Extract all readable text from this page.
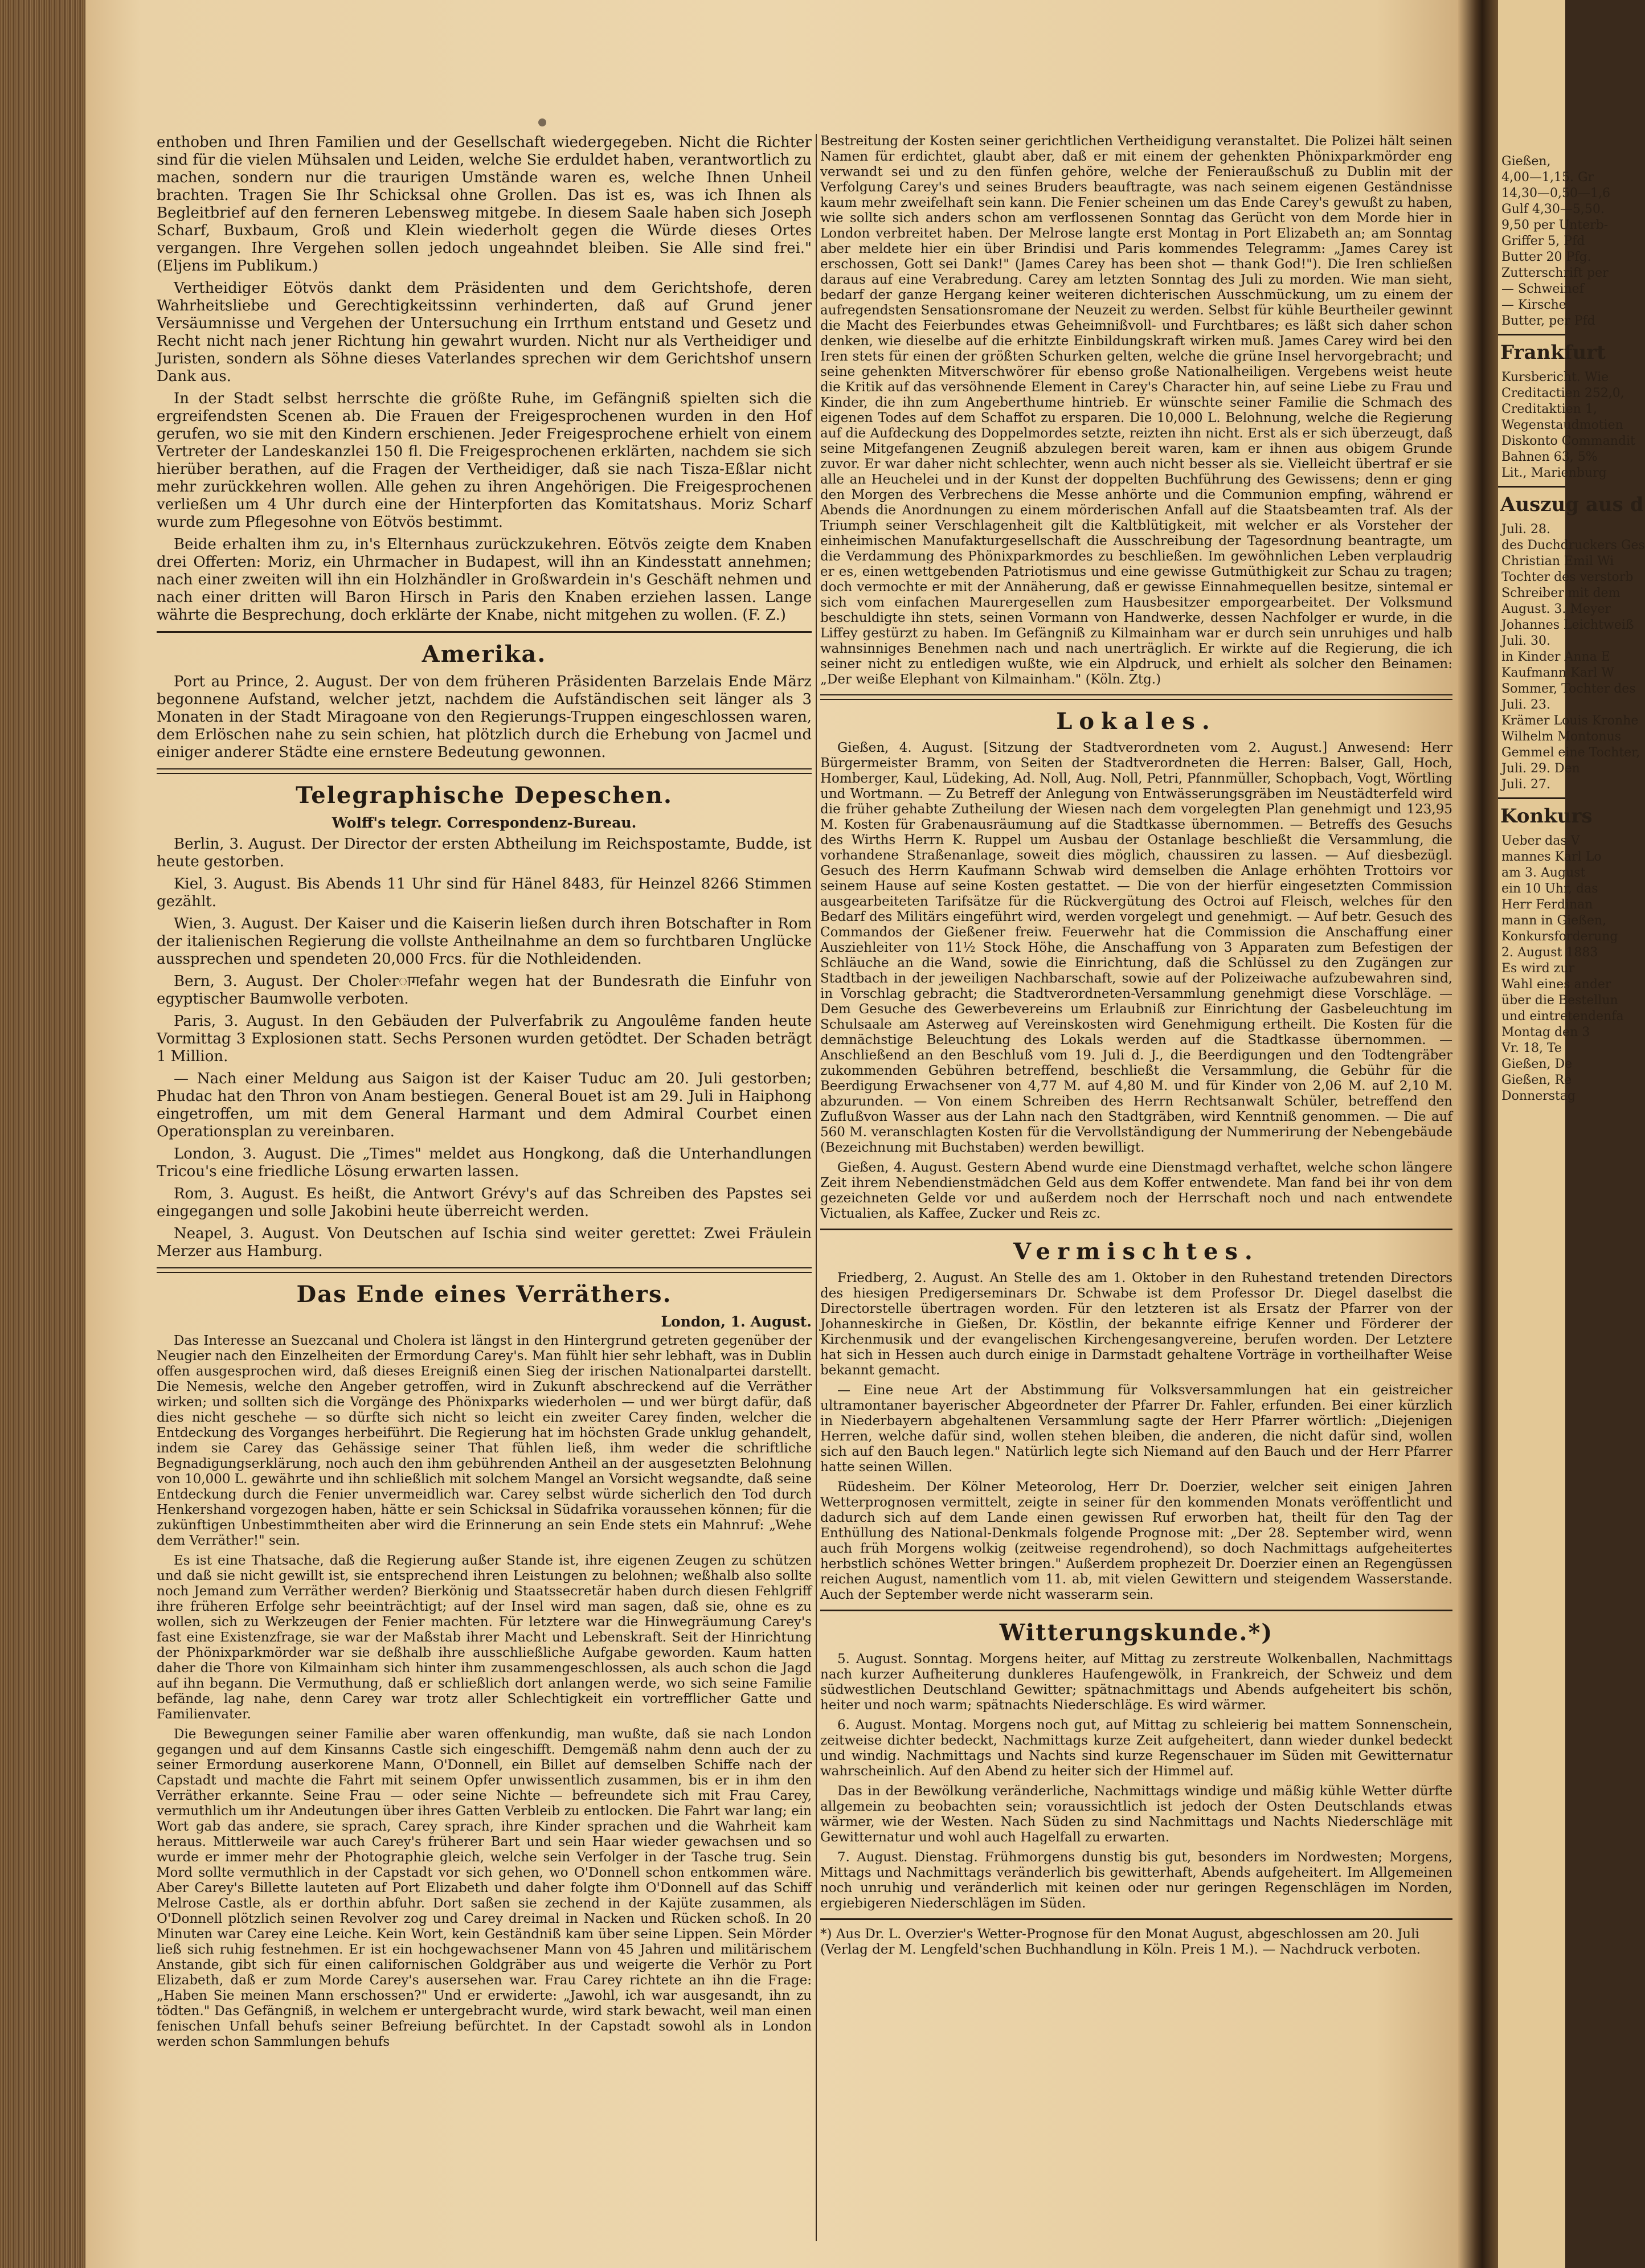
enthoben und Ihren Familien und der Gesellschaft wiedergegeben. Nicht die Richter sind für die vielen Mühsalen und Leiden, welche Sie erduldet haben, verantwortlich zu machen, sondern nur die traurigen Umstände waren es, welche Ihnen Unheil brachten. Tragen Sie Ihr Schicksal ohne Grollen. Das ist es, was ich Ihnen als Begleitbrief auf den ferneren Lebensweg mitgebe. In diesem Saale haben sich Joseph Scharf, Buxbaum, Groß und Klein wiederholt gegen die Würde dieses Ortes vergangen. Ihre Vergehen sollen jedoch ungeahndet bleiben. Sie Alle sind frei." (Eljens im Publikum.)

Vertheidiger Eötvös dankt dem Präsidenten und dem Gerichtshofe, deren Wahrheitsliebe und Gerechtigkeitssinn verhinderten, daß auf Grund jener Versäumnisse und Vergehen der Untersuchung ein Irrthum entstand und Gesetz und Recht nicht nach jener Richtung hin gewahrt wurden. Nicht nur als Vertheidiger und Juristen, sondern als Söhne dieses Vaterlandes sprechen wir dem Gerichtshof unsern Dank aus.

In der Stadt selbst herrschte die größte Ruhe, im Gefängniß spielten sich die ergreifendsten Scenen ab. Die Frauen der Freigesprochenen wurden in den Hof gerufen, wo sie mit den Kindern erschienen. Jeder Freigesprochene erhielt von einem Vertreter der Landeskanzlei 150 fl. Die Freigesprochenen erklärten, nachdem sie sich hierüber berathen, auf die Fragen der Vertheidiger, daß sie nach Tisza-Eßlar nicht mehr zurückkehren wollen. Alle gehen zu ihren Angehörigen. Die Freigesprochenen verließen um 4 Uhr durch eine der Hinterpforten das Komitatshaus. Moriz Scharf wurde zum Pflegesohne von Eötvös bestimmt.

Beide erhalten ihm zu, in's Elternhaus zurückzukehren. Eötvös zeigte dem Knaben drei Offerten: Moriz, ein Uhrmacher in Budapest, will ihn an Kindesstatt annehmen; nach einer zweiten will ihn ein Holzhändler in Großwardein in's Geschäft nehmen und nach einer dritten will Baron Hirsch in Paris den Knaben erziehen lassen. Lange währte die Besprechung, doch erklärte der Knabe, nicht mitgehen zu wollen. (F. Z.)

Amerika.

Port au Prince, 2. August. Der von dem früheren Präsidenten Barzelais Ende März begonnene Aufstand, welcher jetzt, nachdem die Aufständischen seit länger als 3 Monaten in der Stadt Miragoane von den Regierungs-Truppen eingeschlossen waren, dem Erlöschen nahe zu sein schien, hat plötzlich durch die Erhebung von Jacmel und einiger anderer Städte eine ernstere Bedeutung gewonnen.

Telegraphische Depeschen.
Wolff's telegr. Correspondenz-Bureau.

Berlin, 3. August. Der Director der ersten Abtheilung im Reichspostamte, Budde, ist heute gestorben.

Kiel, 3. August. Bis Abends 11 Uhr sind für Hänel 8483, für Heinzel 8266 Stimmen gezählt.

Wien, 3. August. Der Kaiser und die Kaiserin ließen durch ihren Botschafter in Rom der italienischen Regierung die vollste Antheilnahme an dem so furchtbaren Unglücke aussprechen und spendeten 20,000 Frcs. für die Nothleidenden.

Bern, 3. August. Der Cholerागefahr wegen hat der Bundesrath die Einfuhr von egyptischer Baumwolle verboten.

Paris, 3. August. In den Gebäuden der Pulverfabrik zu Angoulême fanden heute Vormittag 3 Explosionen statt. Sechs Personen wurden getödtet. Der Schaden beträgt 1 Million.

— Nach einer Meldung aus Saigon ist der Kaiser Tuduc am 20. Juli gestorben; Phudac hat den Thron von Anam bestiegen. General Bouet ist am 29. Juli in Haiphong eingetroffen, um mit dem General Harmant und dem Admiral Courbet einen Operationsplan zu vereinbaren.

London, 3. August. Die „Times" meldet aus Hongkong, daß die Unterhandlungen Tricou's eine friedliche Lösung erwarten lassen.

Rom, 3. August. Es heißt, die Antwort Grévy's auf das Schreiben des Papstes sei eingegangen und solle Jakobini heute überreicht werden.

Neapel, 3. August. Von Deutschen auf Ischia sind weiter gerettet: Zwei Fräulein Merzer aus Hamburg.

Das Ende eines Verräthers.
London, 1. August.

Das Interesse an Suezcanal und Cholera ist längst in den Hintergrund getreten gegenüber der Neugier nach den Einzelheiten der Ermordung Carey's. Man fühlt hier sehr lebhaft, was in Dublin offen ausgesprochen wird, daß dieses Ereigniß einen Sieg der irischen Nationalpartei darstellt. Die Nemesis, welche den Angeber getroffen, wird in Zukunft abschreckend auf die Verräther wirken; und sollten sich die Vorgänge des Phönixparks wiederholen — und wer bürgt dafür, daß dies nicht geschehe — so dürfte sich nicht so leicht ein zweiter Carey finden, welcher die Entdeckung des Vorganges herbeiführt. Die Regierung hat im höchsten Grade unklug gehandelt, indem sie Carey das Gehässige seiner That fühlen ließ, ihm weder die schriftliche Begnadigungserklärung, noch auch den ihm gebührenden Antheil an der ausgesetzten Belohnung von 10,000 L. gewährte und ihn schließlich mit solchem Mangel an Vorsicht wegsandte, daß seine Entdeckung durch die Fenier unvermeidlich war. Carey selbst würde sicherlich den Tod durch Henkershand vorgezogen haben, hätte er sein Schicksal in Südafrika voraussehen können; für die zukünftigen Unbestimmtheiten aber wird die Erinnerung an sein Ende stets ein Mahnruf: „Wehe dem Verräther!" sein.

Es ist eine Thatsache, daß die Regierung außer Stande ist, ihre eigenen Zeugen zu schützen und daß sie nicht gewillt ist, sie entsprechend ihren Leistungen zu belohnen; weßhalb also sollte noch Jemand zum Verräther werden? Bierkönig und Staatssecretär haben durch diesen Fehlgriff ihre früheren Erfolge sehr beeinträchtigt; auf der Insel wird man sagen, daß sie, ohne es zu wollen, sich zu Werkzeugen der Fenier machten. Für letztere war die Hinwegräumung Carey's fast eine Existenzfrage, sie war der Maßstab ihrer Macht und Lebenskraft. Seit der Hinrichtung der Phönixparkmörder war sie deßhalb ihre ausschließliche Aufgabe geworden. Kaum hatten daher die Thore von Kilmainham sich hinter ihm zusammengeschlossen, als auch schon die Jagd auf ihn begann. Die Vermuthung, daß er schließlich dort anlangen werde, wo sich seine Familie befände, lag nahe, denn Carey war trotz aller Schlechtigkeit ein vortrefflicher Gatte und Familienvater.

Die Bewegungen seiner Familie aber waren offenkundig, man wußte, daß sie nach London gegangen und auf dem Kinsanns Castle sich eingeschifft. Demgemäß nahm denn auch der zu seiner Ermordung auserkorene Mann, O'Donnell, ein Billet auf demselben Schiffe nach der Capstadt und machte die Fahrt mit seinem Opfer unwissentlich zusammen, bis er in ihm den Verräther erkannte. Seine Frau — oder seine Nichte — befreundete sich mit Frau Carey, vermuthlich um ihr Andeutungen über ihres Gatten Verbleib zu entlocken. Die Fahrt war lang; ein Wort gab das andere, sie sprach, Carey sprach, ihre Kinder sprachen und die Wahrheit kam heraus. Mittlerweile war auch Carey's früherer Bart und sein Haar wieder gewachsen und so wurde er immer mehr der Photographie gleich, welche sein Verfolger in der Tasche trug. Sein Mord sollte vermuthlich in der Capstadt vor sich gehen, wo O'Donnell schon entkommen wäre. Aber Carey's Billette lauteten auf Port Elizabeth und daher folgte ihm O'Donnell auf das Schiff Melrose Castle, als er dorthin abfuhr. Dort saßen sie zechend in der Kajüte zusammen, als O'Donnell plötzlich seinen Revolver zog und Carey dreimal in Nacken und Rücken schoß. In 20 Minuten war Carey eine Leiche. Kein Wort, kein Geständniß kam über seine Lippen. Sein Mörder ließ sich ruhig festnehmen. Er ist ein hochgewachsener Mann von 45 Jahren und militärischem Anstande, gibt sich für einen californischen Goldgräber aus und weigerte die Verhör zu Port Elizabeth, daß er zum Morde Carey's ausersehen war. Frau Carey richtete an ihn die Frage: „Haben Sie meinen Mann erschossen?" Und er erwiderte: „Jawohl, ich war ausgesandt, ihn zu tödten." Das Gefängniß, in welchem er untergebracht wurde, wird stark bewacht, weil man einen fenischen Unfall behufs seiner Befreiung befürchtet. In der Capstadt sowohl als in London werden schon Sammlungen behufs

Bestreitung der Kosten seiner gerichtlichen Vertheidigung veranstaltet. Die Polizei hält seinen Namen für erdichtet, glaubt aber, daß er mit einem der gehenkten Phönixparkmörder eng verwandt sei und zu den fünfen gehöre, welche der Fenieraußschuß zu Dublin mit der Verfolgung Carey's und seines Bruders beauftragte, was nach seinem eigenen Geständnisse kaum mehr zweifelhaft sein kann. Die Fenier scheinen um das Ende Carey's gewußt zu haben, wie sollte sich anders schon am verflossenen Sonntag das Gerücht von dem Morde hier in London verbreitet haben. Der Melrose langte erst Montag in Port Elizabeth an; am Sonntag aber meldete hier ein über Brindisi und Paris kommendes Telegramm: „James Carey ist erschossen, Gott sei Dank!" (James Carey has been shot — thank God!"). Die Iren schließen daraus auf eine Verabredung. Carey am letzten Sonntag des Juli zu morden. Wie man sieht, bedarf der ganze Hergang keiner weiteren dichterischen Ausschmückung, um zu einem der aufregendsten Sensationsromane der Neuzeit zu werden. Selbst für kühle Beurtheiler gewinnt die Macht des Feierbundes etwas Geheimnißvoll- und Furchtbares; es läßt sich daher schon denken, wie dieselbe auf die erhitzte Einbildungskraft wirken muß. James Carey wird bei den Iren stets für einen der größten Schurken gelten, welche die grüne Insel hervorgebracht; und seine gehenkten Mitverschwörer für ebenso große Nationalheiligen. Vergebens weist heute die Kritik auf das versöhnende Element in Carey's Character hin, auf seine Liebe zu Frau und Kinder, die ihn zum Angeberthume hintrieb. Er wünschte seiner Familie die Schmach des eigenen Todes auf dem Schaffot zu ersparen. Die 10,000 L. Belohnung, welche die Regierung auf die Aufdeckung des Doppelmordes setzte, reizten ihn nicht. Erst als er sich überzeugt, daß seine Mitgefangenen Zeugniß abzulegen bereit waren, kam er ihnen aus obigem Grunde zuvor. Er war daher nicht schlechter, wenn auch nicht besser als sie. Vielleicht übertraf er sie alle an Heuchelei und in der Kunst der doppelten Buchführung des Gewissens; denn er ging den Morgen des Verbrechens die Messe anhörte und die Communion empfing, während er Abends die Anordnungen zu einem mörderischen Anfall auf die Staatsbeamten traf. Als der Triumph seiner Verschlagenheit gilt die Kaltblütigkeit, mit welcher er als Vorsteher der einheimischen Manufakturgesellschaft die Ausschreibung der Tagesordnung beantragte, um die Verdammung des Phönixparkmordes zu beschließen. Im gewöhnlichen Leben verplaudrig er es, einen wettgebenden Patriotismus und eine gewisse Gutmüthigkeit zur Schau zu tragen; doch vermochte er mit der Annäherung, daß er gewisse Einnahmequellen besitze, sintemal er sich vom einfachen Maurergesellen zum Hausbesitzer emporgearbeitet. Der Volksmund beschuldigte ihn stets, seinen Vormann von Handwerke, dessen Nachfolger er wurde, in die Liffey gestürzt zu haben. Im Gefängniß zu Kilmainham war er durch sein unruhiges und halb wahnsinniges Benehmen nach und nach unerträglich. Er wirkte auf die Regierung, die ich seiner nicht zu entledigen wußte, wie ein Alpdruck, und erhielt als solcher den Beinamen: „Der weiße Elephant von Kilmainham." (Köln. Ztg.)

Lokales.

Gießen, 4. August. [Sitzung der Stadtverordneten vom 2. August.] Anwesend: Herr Bürgermeister Bramm, von Seiten der Stadtverordneten die Herren: Balser, Gall, Hoch, Homberger, Kaul, Lüdeking, Ad. Noll, Aug. Noll, Petri, Pfannmüller, Schopbach, Vogt, Wörtling und Wortmann. — Zu Betreff der Anlegung von Entwässerungsgräben im Neustädterfeld wird die früher gehabte Zutheilung der Wiesen nach dem vorgelegten Plan genehmigt und 123,95 M. Kosten für Grabenausräumung auf die Stadtkasse übernommen. — Betreffs des Gesuchs des Wirths Herrn K. Ruppel um Ausbau der Ostanlage beschließt die Versammlung, die vorhandene Straßenanlage, soweit dies möglich, chaussiren zu lassen. — Auf diesbezügl. Gesuch des Herrn Kaufmann Schwab wird demselben die Anlage erhöhten Trottoirs vor seinem Hause auf seine Kosten gestattet. — Die von der hierfür eingesetzten Commission ausgearbeiteten Tarifsätze für die Rückvergütung des Octroi auf Fleisch, welches für den Bedarf des Militärs eingeführt wird, werden vorgelegt und genehmigt. — Auf betr. Gesuch des Commandos der Gießener freiw. Feuerwehr hat die Commission die Anschaffung einer Ausziehleiter von 11½ Stock Höhe, die Anschaffung von 3 Apparaten zum Befestigen der Schläuche an die Wand, sowie die Einrichtung, daß die Schlüssel zu den Zugängen zur Stadtbach in der jeweiligen Nachbarschaft, sowie auf der Polizeiwache aufzubewahren sind, in Vorschlag gebracht; die Stadtverordneten-Versammlung genehmigt diese Vorschläge. — Dem Gesuche des Gewerbevereins um Erlaubniß zur Einrichtung der Gasbeleuchtung im Schulsaale am Asterweg auf Vereinskosten wird Genehmigung ertheilt. Die Kosten für die demnächstige Beleuchtung des Lokals werden auf die Stadtkasse übernommen. — Anschließend an den Beschluß vom 19. Juli d. J., die Beerdigungen und den Todtengräber zukommenden Gebühren betreffend, beschließt die Versammlung, die Gebühr für die Beerdigung Erwachsener von 4,77 M. auf 4,80 M. und für Kinder von 2,06 M. auf 2,10 M. abzurunden. — Von einem Schreiben des Herrn Rechtsanwalt Schüler, betreffend den Zuflußvon Wasser aus der Lahn nach den Stadtgräben, wird Kenntniß genommen. — Die auf 560 M. veranschlagten Kosten für die Vervollständigung der Nummerirung der Nebengebäude (Bezeichnung mit Buchstaben) werden bewilligt.

Gießen, 4. August. Gestern Abend wurde eine Dienstmagd verhaftet, welche schon längere Zeit ihrem Nebendienstmädchen Geld aus dem Koffer entwendete. Man fand bei ihr von dem gezeichneten Gelde vor und außerdem noch der Herrschaft noch und nach entwendete Victualien, als Kaffee, Zucker und Reis zc.

Vermischtes.

Friedberg, 2. August. An Stelle des am 1. Oktober in den Ruhestand tretenden Directors des hiesigen Predigerseminars Dr. Schwabe ist dem Professor Dr. Diegel daselbst die Directorstelle übertragen worden. Für den letzteren ist als Ersatz der Pfarrer von der Johanneskirche in Gießen, Dr. Köstlin, der bekannte eifrige Kenner und Förderer der Kirchenmusik und der evangelischen Kirchengesangvereine, berufen worden. Der Letztere hat sich in Hessen auch durch einige in Darmstadt gehaltene Vorträge in vortheilhafter Weise bekannt gemacht.

— Eine neue Art der Abstimmung für Volksversammlungen hat ein geistreicher ultramontaner bayerischer Abgeordneter der Pfarrer Dr. Fahler, erfunden. Bei einer kürzlich in Niederbayern abgehaltenen Versammlung sagte der Herr Pfarrer wörtlich: „Diejenigen Herren, welche dafür sind, wollen stehen bleiben, die anderen, die nicht dafür sind, wollen sich auf den Bauch legen." Natürlich legte sich Niemand auf den Bauch und der Herr Pfarrer hatte seinen Willen.

Rüdesheim. Der Kölner Meteorolog, Herr Dr. Doerzier, welcher seit einigen Jahren Wetterprognosen vermittelt, zeigte in seiner für den kommenden Monats veröffentlicht und dadurch sich auf dem Lande einen gewissen Ruf erworben hat, theilt für den Tag der Enthüllung des National-Denkmals folgende Prognose mit: „Der 28. September wird, wenn auch früh Morgens wolkig (zeitweise regendrohend), so doch Nachmittags aufgeheitertes herbstlich schönes Wetter bringen." Außerdem prophezeit Dr. Doerzier einen an Regengüssen reichen August, namentlich vom 11. ab, mit vielen Gewittern und steigendem Wasserstande. Auch der September werde nicht wasserarm sein.

Witterungskunde.*)

5. August. Sonntag. Morgens heiter, auf Mittag zu zerstreute Wolkenballen, Nachmittags nach kurzer Aufheiterung dunkleres Haufengewölk, in Frankreich, der Schweiz und dem südwestlichen Deutschland Gewitter; spätnachmittags und Abends aufgeheitert bis schön, heiter und noch warm; spätnachts Niederschläge. Es wird wärmer.

6. August. Montag. Morgens noch gut, auf Mittag zu schleierig bei mattem Sonnenschein, zeitweise dichter bedeckt, Nachmittags kurze Zeit aufgeheitert, dann wieder dunkel bedeckt und windig. Nachmittags und Nachts sind kurze Regenschauer im Süden mit Gewitternatur wahrscheinlich. Auf den Abend zu heiter sich der Himmel auf.

Das in der Bewölkung veränderliche, Nachmittags windige und mäßig kühle Wetter dürfte allgemein zu beobachten sein; voraussichtlich ist jedoch der Osten Deutschlands etwas wärmer, wie der Westen. Nach Süden zu sind Nachmittags und Nachts Niederschläge mit Gewitternatur und wohl auch Hagelfall zu erwarten.

7. August. Dienstag. Frühmorgens dunstig bis gut, besonders im Nordwesten; Morgens, Mittags und Nachmittags veränderlich bis gewitterhaft, Abends aufgeheitert. Im Allgemeinen noch unruhig und veränderlich mit keinen oder nur geringen Regenschlägen im Norden, ergiebigeren Niederschlägen im Süden.

*) Aus Dr. L. Overzier's Wetter-Prognose für den Monat August, abgeschlossen am 20. Juli (Verlag der M. Lengfeld'schen Buchhandlung in Köln. Preis 1 M.). — Nachdruck verboten.
Gießen,
4,00—1,15. Gr
14,30—0,50—1,6
Gulf 4,30—5,50.
9,50 per Unterb-
Griffer 5, Pfd
Butter 20 Pfg.
Zutterschrift per
— Schweinef
— Kirsche
Butter, per Pfd
Frankfurt
Kursbericht. Wie
Creditactien 252,0,
Creditaktien 1,
Wegenstaudmotien
Diskonto Commandit
Bahnen 63, 5%
Lit., Marienburg
Auszug aus d
Juli. 28.
des Duchdruckers Ges
Christian Emil Wi
Tochter des verstorb
Schreiber mit dem
August. 3. Meyer
Johannes Leichtweiß
Juli. 30.
in Kinder Anna E
Kaufmann Karl W
Sommer, Tochter des
Juli. 23.
Krämer Louis Kronhe
Wilhelm Montonus
Gemmel eine Tochter,
Juli. 29. Den
Juli. 27.
Konkurs
Ueber das V
mannes Karl Lo
am 3. August
ein 10 Uhr, das
Herr Ferdinan
mann in Gießen,
Konkursforderung
2. August 1883
Es wird zur
Wahl eines ander
über die Bestellun
und eintretendenfa
Montag den 3
Vr. 18, Te
Gießen, De
Gießen, Re
Donnerstag
